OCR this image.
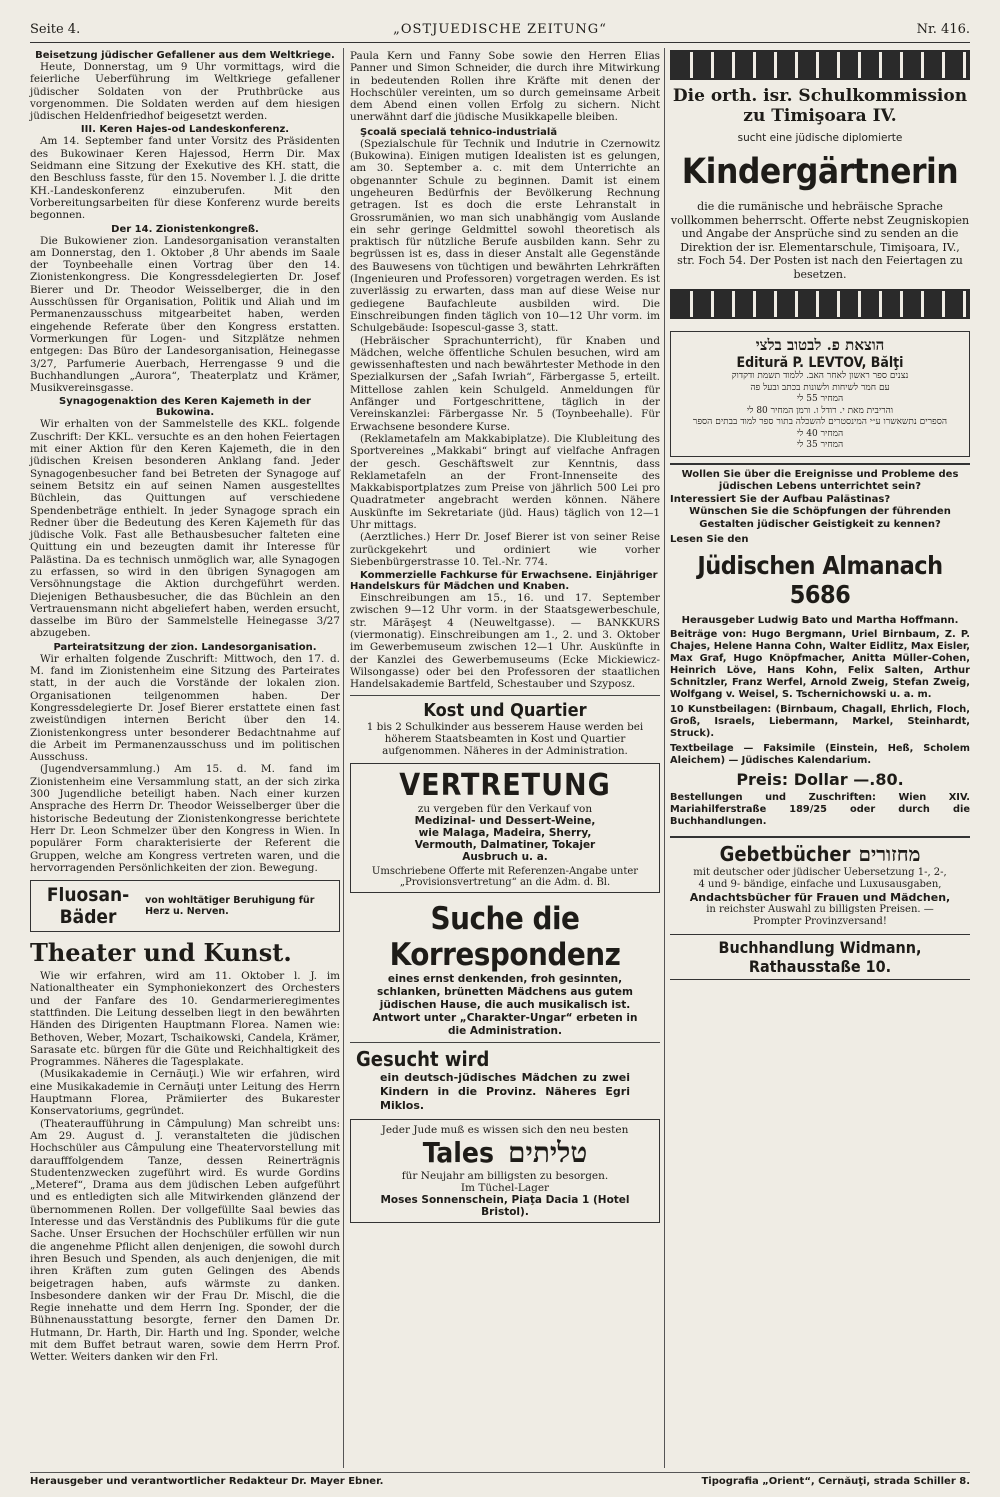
Seite 4.	„OSTJUEDISCHE ZEITUNG“	Nr. 416.
Beisetzung jüdischer Gefallener aus dem Weltkriege.

Heute, Donnerstag, um 9 Uhr vormittags, wird die feierliche Ueberführung im Weltkriege gefallener jüdischer Soldaten von der Pruthbrücke aus vorgenommen. Die Soldaten werden auf dem hiesigen jüdischen Heldenfriedhof beigesetzt werden.

III. Keren Hajes-od Landeskonferenz.

Am 14. September fand unter Vorsitz des Präsidenten des Bukowinaer Keren Hajessod, Herrn Dir. Max Seidmann eine Sitzung der Exekutive des KH. statt, die den Beschluss fasste, für den 15. November l. J. die dritte KH.-Landeskonferenz einzuberufen. Mit den Vorbereitungsarbeiten für diese Konferenz wurde bereits begonnen.

Der 14. Zionistenkongreß.

Die Bukowiener zion. Landesorganisation veranstalten am Donnerstag, den 1. Oktober ,8 Uhr abends im Saale der Toynbeehalle einen Vortrag über den 14. Zionistenkongress. Die Kongressdelegierten Dr. Josef Bierer und Dr. Theodor Weisselberger, die in den Ausschüssen für Organisation, Politik und Aliah und im Permanenzausschuss mitgearbeitet haben, werden eingehende Referate über den Kongress erstatten. Vormerkungen für Logen- und Sitzplätze nehmen entgegen: Das Büro der Landesorganisation, Heinegasse 3/27, Parfumerie Auerbach, Herrengasse 9 und die Buchhandlungen „Aurora“, Theaterplatz und Krämer, Musikvereinsgasse.

Synagogenaktion des Keren Kajemeth in der Bukowina.

Wir erhalten von der Sammelstelle des KKL. folgende Zuschrift: Der KKL. versuchte es an den hohen Feiertagen mit einer Aktion für den Keren Kajemeth, die in den jüdischen Kreisen besonderen Anklang fand. Jeder Synagogenbesucher fand bei Betreten der Synagoge auf seinem Betsitz ein auf seinen Namen ausgestelltes Büchlein, das Quittungen auf verschiedene Spendenbeträge enthielt. In jeder Synagoge sprach ein Redner über die Bedeutung des Keren Kajemeth für das jüdische Volk. Fast alle Bethausbesucher falteten eine Quittung ein und bezeugten damit ihr Interesse für Palästina. Da es technisch unmöglich war, alle Synagogen zu erfassen, so wird in den übrigen Synagogen am Versöhnungstage die Aktion durchgeführt werden. Diejenigen Bethausbesucher, die das Büchlein an den Vertrauensmann nicht abgeliefert haben, werden ersucht, dasselbe im Büro der Sammelstelle Heinegasse 3/27 abzugeben.

Parteiratsitzung der zion. Landesorganisation.

Wir erhalten folgende Zuschrift: Mittwoch, den 17. d. M. fand im Zionistenheim eine Sitzung des Parteirates statt, in der auch die Vorstände der lokalen zion. Organisationen teilgenommen haben. Der Kongressdelegierte Dr. Josef Bierer erstattete einen fast zweistündigen internen Bericht über den 14. Zionistenkongress unter besonderer Bedachtnahme auf die Arbeit im Permanenzausschuss und im politischen Ausschuss.

(Jugendversammlung.) Am 15. d. M. fand im Zionistenheim eine Versammlung statt, an der sich zirka 300 Jugendliche beteiligt haben. Nach einer kurzen Ansprache des Herrn Dr. Theodor Weisselberger über die historische Bedeutung der Zionistenkongresse berichtete Herr Dr. Leon Schmelzer über den Kongress in Wien. In populärer Form charakterisierte der Referent die Gruppen, welche am Kongress vertreten waren, und die hervorragenden Persönlichkeiten der zion. Bewegung.

Fluosan-Bäder
von wohltätiger Beruhigung für Herz u. Nerven.
Theater und Kunst.

Wie wir erfahren, wird am 11. Oktober l. J. im Nationaltheater ein Symphoniekonzert des Orchesters und der Fanfare des 10. Gendarmerieregimentes stattfinden. Die Leitung desselben liegt in den bewährten Händen des Dirigenten Hauptmann Florea. Namen wie: Bethoven, Weber, Mozart, Tschaikowski, Candela, Krämer, Sarasate etc. bürgen für die Güte und Reichhaltigkeit des Programmes. Näheres die Tagesplakate.

(Musikakademie in Cernăuţi.) Wie wir erfahren, wird eine Musikakademie in Cernăuţi unter Leitung des Herrn Hauptmann Florea, Prämiierter des Bukarester Konservatoriums, gegründet.

(Theateraufführung in Câmpulung) Man schreibt uns: Am 29. August d. J. veranstalteten die jüdischen Hochschüler aus Câmpulung eine Theatervorstellung mit daraufffolgendem Tanze, dessen Reinerträgnis Studentenzwecken zugeführt wird. Es wurde Gordins „Meteref“, Drama aus dem jüdischen Leben aufgeführt und es entledigten sich alle Mitwirkenden glänzend der übernommenen Rollen. Der vollgefüllte Saal bewies das Interesse und das Verständnis des Publikums für die gute Sache. Unser Ersuchen der Hochschüler erfüllen wir nun die angenehme Pflicht allen denjenigen, die sowohl durch ihren Besuch und Spenden, als auch denjenigen, die mit ihren Kräften zum guten Gelingen des Abends beigetragen haben, aufs wärmste zu danken. Insbesondere danken wir der Frau Dr. Mischl, die die Regie innehatte und dem Herrn Ing. Sponder, der die Bühnenausstattung besorgte, ferner den Damen Dr. Hutmann, Dr. Harth, Dir. Harth und Ing. Sponder, welche mit dem Buffet betraut waren, sowie dem Herrn Prof. Wetter. Weiters danken wir den Frl.

Paula Kern und Fanny Sobe sowie den Herren Elias Panner und Simon Schneider, die durch ihre Mitwirkung in bedeutenden Rollen ihre Kräfte mit denen der Hochschüler vereinten, um so durch gemeinsame Arbeit dem Abend einen vollen Erfolg zu sichern. Nicht unerwähnt darf die jüdische Musikkapelle bleiben.

Şcoală specială tehnico-industrială

(Spezialschule für Technik und Indutrie in Czernowitz (Bukowina). Einigen mutigen Idealisten ist es gelungen, am 30. September a. c. mit dem Unterrichte an obgenannter Schule zu beginnen. Damit ist einem ungeheuren Bedürfnis der Bevölkerung Rechnung getragen. Ist es doch die erste Lehranstalt in Grossrumänien, wo man sich unabhängig vom Auslande ein sehr geringe Geldmittel sowohl theoretisch als praktisch für nützliche Berufe ausbilden kann. Sehr zu begrüssen ist es, dass in dieser Anstalt alle Gegenstände des Bauwesens von tüchtigen und bewährten Lehrkräften (Ingenieuren und Professoren) vorgetragen werden. Es ist zuverlässig zu erwarten, dass man auf diese Weise nur gediegene Baufachleute ausbilden wird. Die Einschreibungen finden täglich von 10—12 Uhr vorm. im Schulgebäude: Isopescul-gasse 3, statt.

(Hebräischer Sprachunterricht), für Knaben und Mädchen, welche öffentliche Schulen besuchen, wird am gewissenhaftesten und nach bewährtester Methode in den Spezialkursen der „Safah Iwriah“, Färbergasse 5, erteilt. Mittellose zahlen kein Schulgeld. Anmeldungen für Anfänger und Fortgeschrittene, täglich in der Vereinskanzlei: Färbergasse Nr. 5 (Toynbeehalle). Für Erwachsene besondere Kurse.

(Reklametafeln am Makkabiplatze). Die Klubleitung des Sportvereines „Makkabi“ bringt auf vielfache Anfragen der gesch. Geschäftswelt zur Kenntnis, dass Reklametafeln an der Front-Innenseite des Makkabisportplatzes zum Preise von jährlich 500 Lei pro Quadratmeter angebracht werden können. Nähere Auskünfte im Sekretariate (jüd. Haus) täglich von 12—1 Uhr mittags.

(Aerztliches.) Herr Dr. Josef Bierer ist von seiner Reise zurückgekehrt und ordiniert wie vorher Siebenbürgerstrasse 10. Tel.-Nr. 774.

Kommerzielle Fachkurse für Erwachsene. Einjähriger Handelskurs für Mädchen und Knaben.

Einschreibungen am 15., 16. und 17. September zwischen 9—12 Uhr vorm. in der Staatsgewerbeschule, str. Mărăşeşt 4 (Neuweltgasse). — BANKKURS (viermonatig). Einschreibungen am 1., 2. und 3. Oktober im Gewerbemuseum zwischen 12—1 Uhr. Auskünfte in der Kanzlei des Gewerbemuseums (Ecke Mickiewicz-Wilsongasse) oder bei den Professoren der staatlichen Handelsakademie Bartfeld, Schestauber und Szyposz.

Kost und Quartier

1 bis 2 Schulkinder aus besserem Hause werden bei höherem Staatsbeamten in Kost und Quartier aufgenommen. Näheres in der Administration.

VERTRETUNG
zu vergeben für den Verkauf von
Medizinal- und Dessert-Weine,
wie Malaga, Madeira, Sherry,
Vermouth, Dalmatiner, Tokajer
Ausbruch u. a.
Umschriebene Offerte mit Referenzen-Angabe unter „Provisionsvertretung“ an die Adm. d. Bl.
Suche die Korrespondenz

eines ernst denkenden, froh gesinnten, schlanken, brünetten Mädchens aus gutem jüdischen Hause, die auch musikalisch ist. Antwort unter „Charakter-Ungar“ erbeten in die Administration.

Gesucht wird

ein deutsch-jüdisches Mädchen zu zwei Kindern in die Provinz. Näheres Egri Miklos.

Jeder Jude muß es wissen sich den neu besten
Tales טליתים
für Neujahr am billigsten zu besorgen.
Im Tüchel-Lager
Moses Sonnenschein, Piaţa Dacia 1 (Hotel Bristol).
Die orth. isr. Schulkommission zu Timişoara IV.
sucht eine jüdische diplomierte
Kindergärtnerin

die die rumänische und hebräische Sprache vollkommen beherrscht. Offerte nebst Zeugniskopien und Angabe der Ansprüche sind zu senden an die Direktion der isr. Elementarschule, Timişoara, IV., str. Foch 54. Der Posten ist nach den Feiertagen zu besetzen.

הוצאת פ. לבטוב בלצי
Editură P. LEVTOV, Bălţi
נצנים ספר ראשון לאחר האב. ללמוד תשמת ודקדוק
עם חמר לשיחות ולשונות בכתב ובעל פה
המחיר 55 לי
והריבית מאת י. רודל ו. ורמן המחיר 80 לי
הספרים נתשאשרו ע״י המינסטרים להשכלה בתור ספר למוד בבתים הספר
המחיר 40 לי
המחיר 35 לי
Wollen Sie über die Ereignisse und Probleme des jüdischen Lebens unterrichtet sein?
Interessiert Sie der Aufbau Palästinas?
Wünschen Sie die Schöpfungen der führenden Gestalten jüdischer Geistigkeit zu kennen?
Lesen Sie den
Jüdischen Almanach 5686
Herausgeber Ludwig Bato und Martha Hoffmann.

Beiträge von: Hugo Bergmann, Uriel Birnbaum, Z. P. Chajes, Helene Hanna Cohn, Walter Eidlitz, Max Eisler, Max Graf, Hugo Knöpfmacher, Anitta Müller-Cohen, Heinrich Löve, Hans Kohn, Felix Salten, Arthur Schnitzler, Franz Werfel, Arnold Zweig, Stefan Zweig, Wolfgang v. Weisel, S. Tschernichowski u. a. m.

10 Kunstbeilagen: (Birnbaum, Chagall, Ehrlich, Floch, Groß, Israels, Liebermann, Markel, Steinhardt, Struck).

Textbeilage — Faksimile (Einstein, Heß, Scholem Aleichem) — Jüdisches Kalendarium.

Preis: Dollar —.80.

Bestellungen und Zuschriften: Wien XIV. Mariahilferstraße 189/25 oder durch die Buchhandlungen.

Gebetbücher מחזורים
mit deutscher oder jüdischer Uebersetzung 1-, 2-, 4 und 9- bändige, einfache und Luxusausgaben,
Andachtsbücher für Frauen und Mädchen,
in reichster Auswahl zu billigsten Preisen. — Prompter Provinzversand!
Buchhandlung Widmann, Rathausstaße 10.
Herausgeber und verantwortlicher Redakteur Dr. Mayer Ebner.	Tipografia „Orient“, Cernăuţi, strada Schiller 8.
